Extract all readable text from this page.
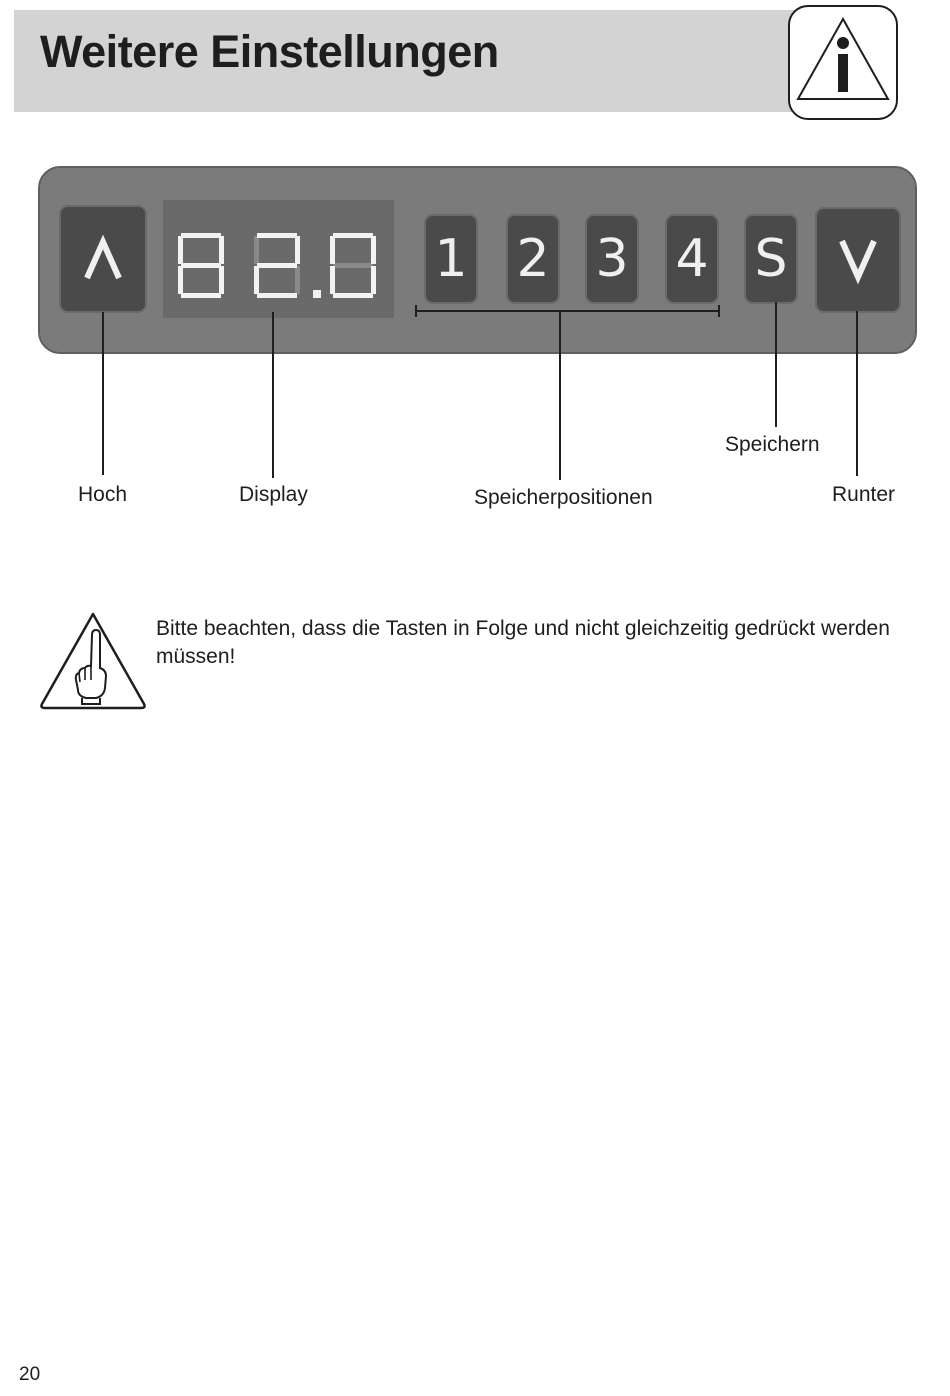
Weitere Einstellungen
1 2 3 4 S
Hoch	Display	Speicherpositionen
Speichern
Runter

Bitte beachten, dass die Tasten in Folge und nicht gleichzeitig gedrückt werden müssen!

20
